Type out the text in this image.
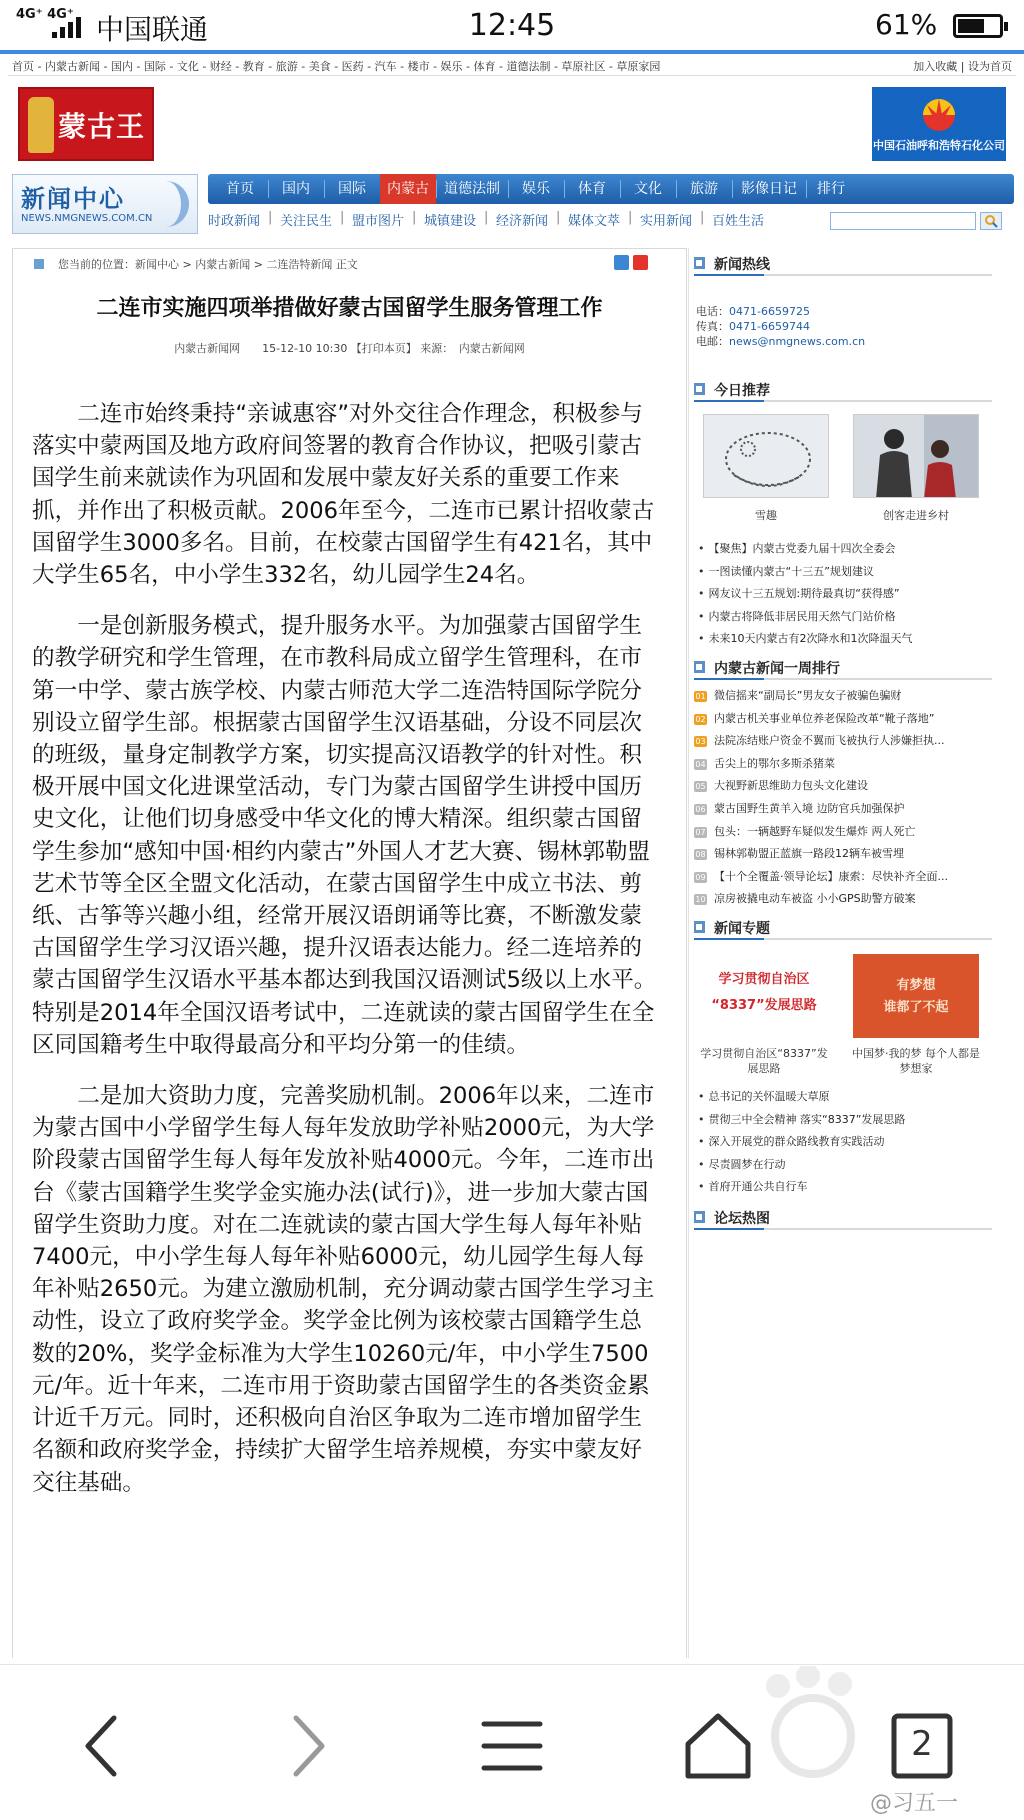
4G⁺ 4G⁺ 中国联通	12:45	61%
首页 - 内蒙古新闻 - 国内 - 国际 - 文化 - 财经 - 教育 - 旅游 - 美食 - 医药 - 汽车 - 楼市 - 娱乐 - 体育 - 道德法制 - 草原社区 - 草原家园	加入收藏 | 设为首页
蒙古王
中国石油呼和浩特石化公司
新闻中心
NEWS.NMGNEWS.COM.CN
首页	国内	国际	内蒙古	道德法制	娱乐	体育	文化	旅游	影像日记	排行
时政新闻 | 关注民生 | 盟市图片 | 城镇建设 | 经济新闻 | 媒体文萃 | 实用新闻 | 百姓生活
您当前的位置：新闻中心 > 内蒙古新闻 > 二连浩特新闻 正文
二连市实施四项举措做好蒙古国留学生服务管理工作
内蒙古新闻网　　15-12-10 10:30 【打印本页】 来源：　内蒙古新闻网

二连市始终秉持“亲诚惠容”对外交往合作理念，积极参与落实中蒙两国及地方政府间签署的教育合作协议，把吸引蒙古国学生前来就读作为巩固和发展中蒙友好关系的重要工作来抓，并作出了积极贡献。2006年至今，二连市已累计招收蒙古国留学生3000多名。目前，在校蒙古国留学生有421名，其中大学生65名，中小学生332名，幼儿园学生24名。

一是创新服务模式，提升服务水平。为加强蒙古国留学生的教学研究和学生管理，在市教科局成立留学生管理科，在市第一中学、蒙古族学校、内蒙古师范大学二连浩特国际学院分别设立留学生部。根据蒙古国留学生汉语基础，分设不同层次的班级，量身定制教学方案，切实提高汉语教学的针对性。积极开展中国文化进课堂活动，专门为蒙古国留学生讲授中国历史文化，让他们切身感受中华文化的博大精深。组织蒙古国留学生参加“感知中国·相约内蒙古”外国人才艺大赛、锡林郭勒盟艺术节等全区全盟文化活动，在蒙古国留学生中成立书法、剪纸、古筝等兴趣小组，经常开展汉语朗诵等比赛，不断激发蒙古国留学生学习汉语兴趣，提升汉语表达能力。经二连培养的蒙古国留学生汉语水平基本都达到我国汉语测试5级以上水平。特别是2014年全国汉语考试中，二连就读的蒙古国留学生在全区同国籍考生中取得最高分和平均分第一的佳绩。

二是加大资助力度，完善奖励机制。2006年以来，二连市为蒙古国中小学留学生每人每年发放助学补贴2000元，为大学阶段蒙古国留学生每人每年发放补贴4000元。今年，二连市出台《蒙古国籍学生奖学金实施办法(试行)》，进一步加大蒙古国留学生资助力度。对在二连就读的蒙古国大学生每人每年补贴7400元，中小学生每人每年补贴6000元，幼儿园学生每人每年补贴2650元。为建立激励机制，充分调动蒙古国学生学习主动性，设立了政府奖学金。奖学金比例为该校蒙古国籍学生总数的20%，奖学金标准为大学生10260元/年，中小学生7500元/年。近十年来，二连市用于资助蒙古国留学生的各类资金累计近千万元。同时，还积极向自治区争取为二连市增加留学生名额和政府奖学金，持续扩大留学生培养规模，夯实中蒙友好交往基础。

新闻热线
电话：0471-6659725
传真：0471-6659744
电邮：news@nmgnews.com.cn
今日推荐
雪趣	创客走进乡村
• 【聚焦】内蒙古党委九届十四次全委会
• 一图读懂内蒙古“十三五”规划建议
• 网友议十三五规划:期待最真切“获得感”
• 内蒙古将降低非居民用天然气门站价格
• 未来10天内蒙古有2次降水和1次降温天气
内蒙古新闻一周排行
01 微信摇来“副局长”男友女子被骗色骗财
02 内蒙古机关事业单位养老保险改革“靴子落地”
03 法院冻结账户资金不翼而飞被执行人涉嫌拒执...
04 舌尖上的鄂尔多斯杀猪菜
05 大视野新思维助力包头文化建设
06 蒙古国野生黄羊入境 边防官兵加强保护
07 包头：一辆越野车疑似发生爆炸 两人死亡
08 锡林郭勒盟正蓝旗一路段12辆车被雪埋
09 【十个全覆盖·领导论坛】康索：尽快补齐全面...
10 凉房被撬电动车被盗 小小GPS助警方破案
新闻专题
学习贯彻自治区
“8337”发展思路
有梦想
谁都了不起
学习贯彻自治区“8337”发展思路
中国梦·我的梦 每个人都是梦想家
• 总书记的关怀温暖大草原
• 贯彻三中全会精神 落实“8337”发展思路
• 深入开展党的群众路线教育实践活动
• 尽责圆梦在行动
• 首府开通公共自行车
论坛热图
2
@习五一
